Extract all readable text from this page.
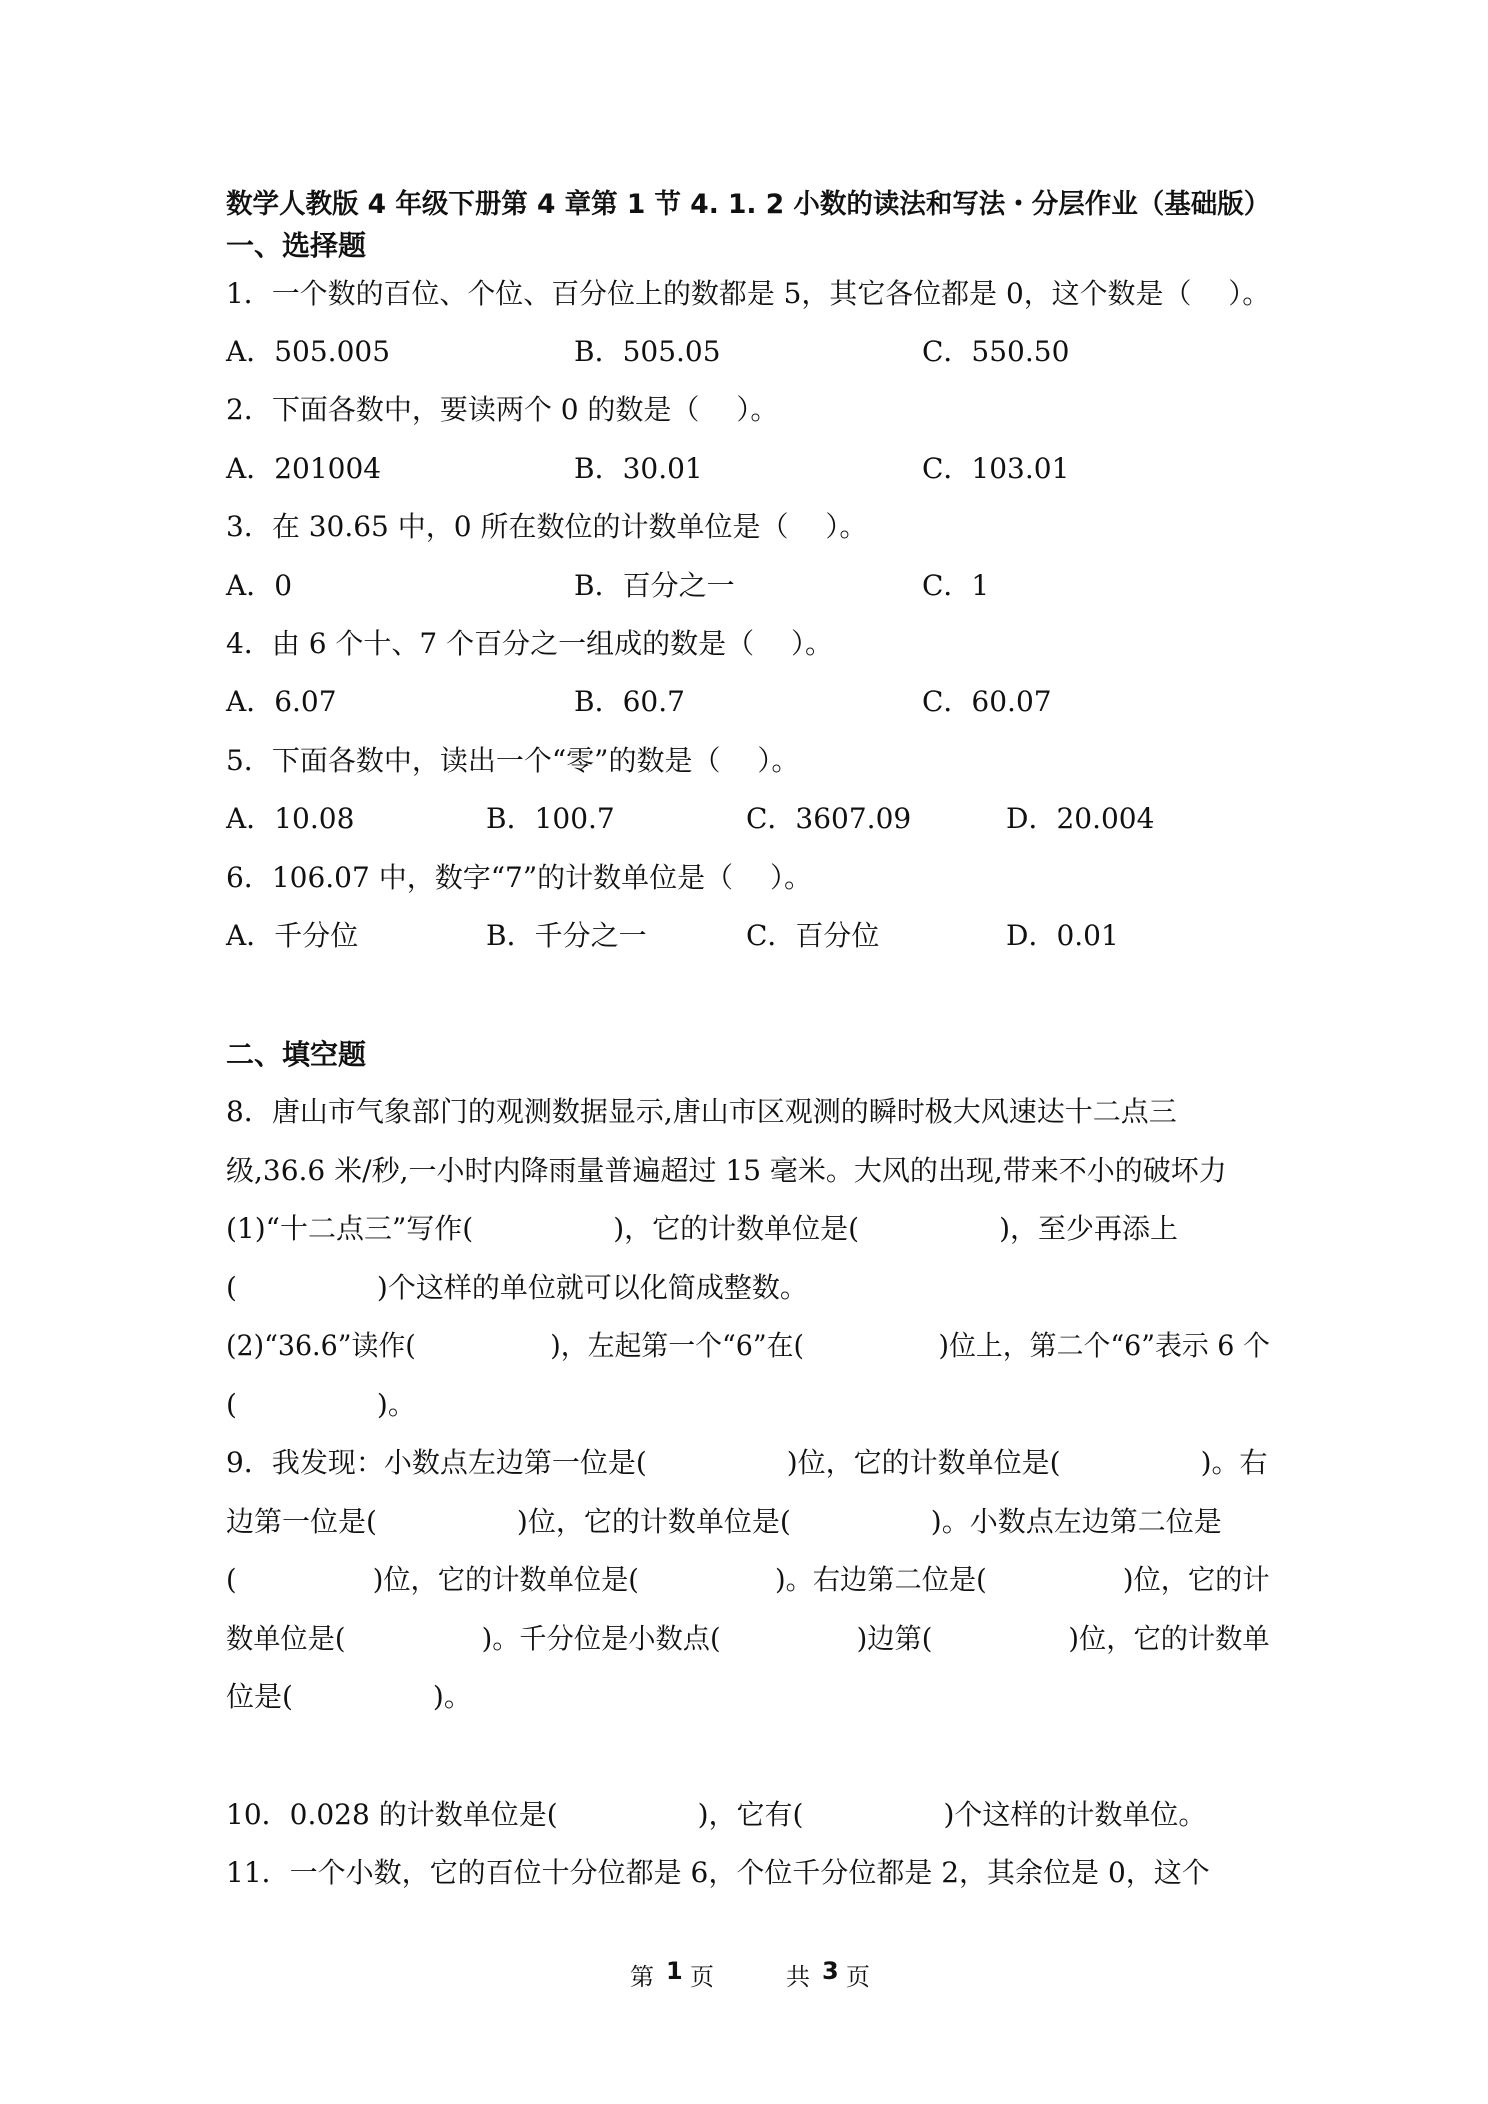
数学人教版 4 年级下册第 4 章第 1 节 4. 1. 2 小数的读法和写法・分层作业（基础版）
一、选择题
1．一个数的百位、个位、百分位上的数都是 5，其它各位都是 0，这个数是（　 ）。
A．505.005	B．505.05	C．550.50
2．下面各数中，要读两个 0 的数是（　 ）。
A．201004	B．30.01	C．103.01
3．在 30.65 中，0 所在数位的计数单位是（　 ）。
A．0	B．百分之一	C．1
4．由 6 个十、7 个百分之一组成的数是（　 ）。
A．6.07	B．60.7	C．60.07
5．下面各数中，读出一个“零”的数是（　 ）。
A．10.08	B．100.7	C．3607.09	D．20.004
6．106.07 中，数字“7”的计数单位是（　 ）。
A．千分位	B．千分之一	C．百分位	D．0.01
二、填空题
8．唐山市气象部门的观测数据显示,唐山市区观测的瞬时极大风速达十二点三
级,36.6 米/秒,一小时内降雨量普遍超过 15 毫米。大风的出现,带来不小的破坏力
(1)“十二点三”写作(　　　　　)，它的计数单位是(　　　　　)，至少再添上
(　　　　　)个这样的单位就可以化简成整数。
(2)“36.6”读作(　　　　　)，左起第一个“6”在(　　　　　)位上，第二个“6”表示 6 个
(　　　　　)。
9．我发现：小数点左边第一位是(　　　　　)位，它的计数单位是(　　　　　)。右
边第一位是(　　　　　)位，它的计数单位是(　　　　　)。小数点左边第二位是
(　　　　　)位，它的计数单位是(　　　　　)。右边第二位是(　　　　　)位，它的计
数单位是(　　　　　)。千分位是小数点(　　　　　)边第(　　　　　)位，它的计数单
位是(　　　　　)。
10．0.028 的计数单位是(　　　　　)，它有(　　　　　)个这样的计数单位。
11．一个小数，它的百位十分位都是 6，个位千分位都是 2，其余位是 0，这个
第 1 页	共 3 页
